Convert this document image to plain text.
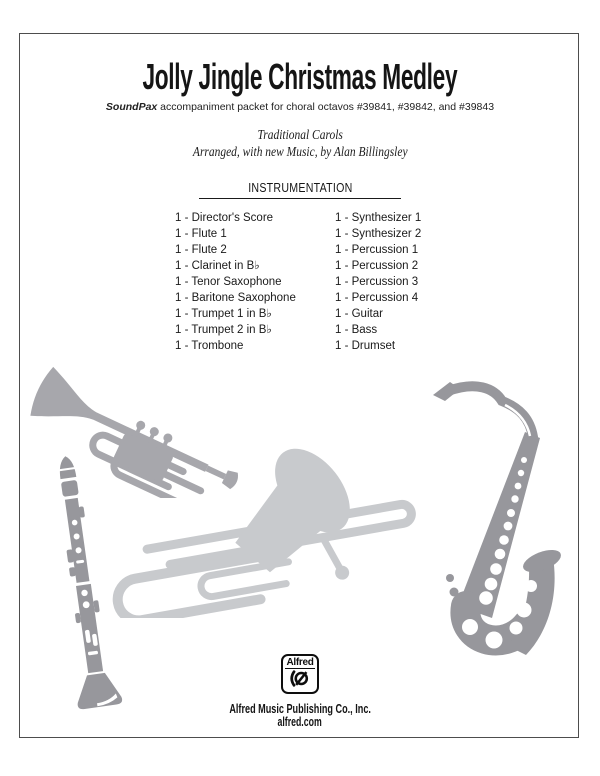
Jolly Jingle Christmas Medley

SoundPax accompaniment packet for choral octavos #39841, #39842, and #39843

Traditional Carols
Arranged, with new Music, by Alan Billingsley
INSTRUMENTATION
1 - Director's Score
1 - Flute 1
1 - Flute 2
1 - Clarinet in B♭
1 - Tenor Saxophone
1 - Baritone Saxophone
1 - Trumpet 1 in B♭
1 - Trumpet 2 in B♭
1 - Trombone
1 - Synthesizer 1
1 - Synthesizer 2
1 - Percussion 1
1 - Percussion 2
1 - Percussion 3
1 - Percussion 4
1 - Guitar
1 - Bass
1 - Drumset
Alfred
Alfred Music Publishing Co., Inc.
alfred.com
